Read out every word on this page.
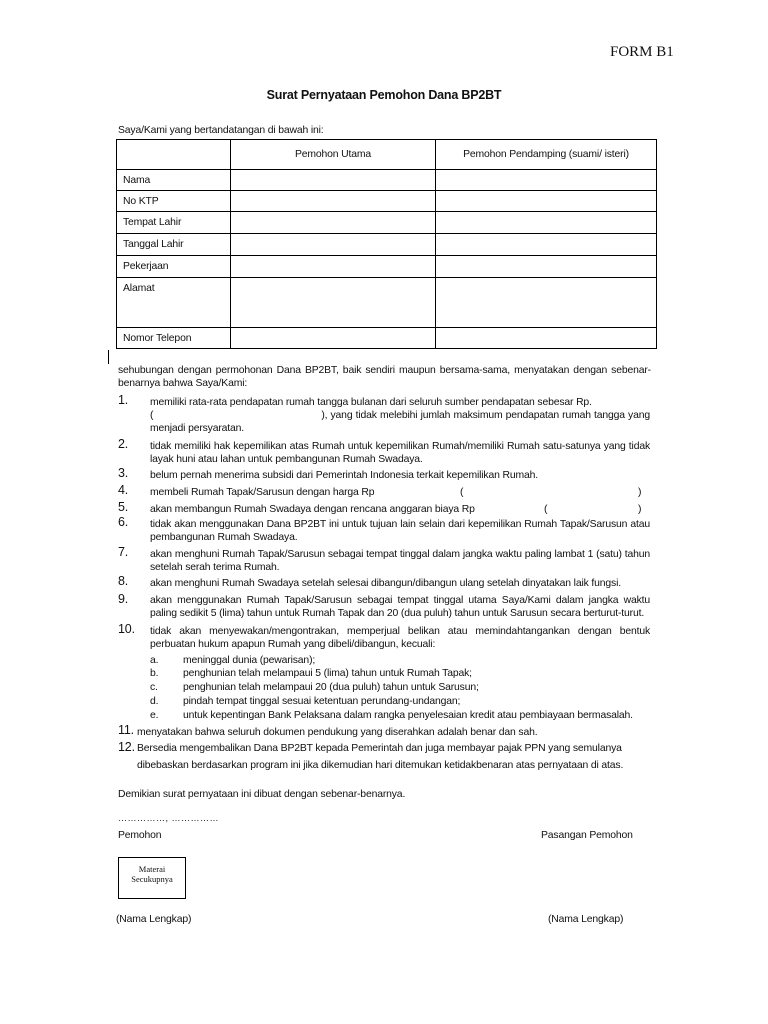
FORM B1
Surat Pernyataan Pemohon Dana BP2BT
Saya/Kami yang bertandatangan di bawah ini:
	Pemohon Utama	Pemohon Pendamping (suami/ isteri)
Nama		
No KTP		
Tempat Lahir		
Tanggal Lahir		
Pekerjaan		
Alamat		
Nomor Telepon		
sehubungan dengan permohonan Dana BP2BT, baik sendiri maupun bersama-sama, menyatakan dengan sebenar-benarnya bahwa Saya/Kami:
1. memiliki rata-rata pendapatan rumah tangga bulanan dari seluruh sumber pendapatan sebesar Rp.
(	), yang tidak melebihi jumlah maksimum pendapatan rumah tangga yang menjadi persyaratan.
2. tidak memiliki hak kepemilikan atas Rumah untuk kepemilikan Rumah/memiliki Rumah satu-satunya yang tidak layak huni atau lahan untuk pembangunan Rumah Swadaya.
3. belum pernah menerima subsidi dari Pemerintah Indonesia terkait kepemilikan Rumah.
4. membeli Rumah Tapak/Sarusun dengan harga Rp	(	)
5. akan membangun Rumah Swadaya dengan rencana anggaran biaya Rp	(	)
6. tidak akan menggunakan Dana BP2BT ini untuk tujuan lain selain dari kepemilikan Rumah Tapak/Sarusun atau pembangunan Rumah Swadaya.
7. akan menghuni Rumah Tapak/Sarusun sebagai tempat tinggal dalam jangka waktu paling lambat 1 (satu) tahun setelah serah terima Rumah.
8. akan menghuni Rumah Swadaya setelah selesai dibangun/dibangun ulang setelah dinyatakan laik fungsi.
9. akan menggunakan Rumah Tapak/Sarusun sebagai tempat tinggal utama Saya/Kami dalam jangka waktu paling sedikit 5 (lima) tahun untuk Rumah Tapak dan 20 (dua puluh) tahun untuk Sarusun secara berturut-turut.
10. tidak akan menyewakan/mengontrakan, memperjual belikan atau memindahtangankan dengan bentuk perbuatan hukum apapun Rumah yang dibeli/dibangun, kecuali:
a. meninggal dunia (pewarisan);
b. penghunian telah melampaui 5 (lima) tahun untuk Rumah Tapak;
c. penghunian telah melampaui 20 (dua puluh) tahun untuk Sarusun;
d. pindah tempat tinggal sesuai ketentuan perundang-undangan;
e. untuk kepentingan Bank Pelaksana dalam rangka penyelesaian kredit atau pembiayaan bermasalah.
11. menyatakan bahwa seluruh dokumen pendukung yang diserahkan adalah benar dan sah.
12. Bersedia mengembalikan Dana BP2BT kepada Pemerintah dan juga membayar pajak PPN yang semulanya
dibebaskan berdasarkan program ini jika dikemudian hari ditemukan ketidakbenaran atas pernyataan di atas.
Demikian surat pernyataan ini dibuat dengan sebenar-benarnya.
……………, ……………
Pemohon	Pasangan Pemohon
Materai
Secukupnya
(Nama Lengkap)	(Nama Lengkap)
